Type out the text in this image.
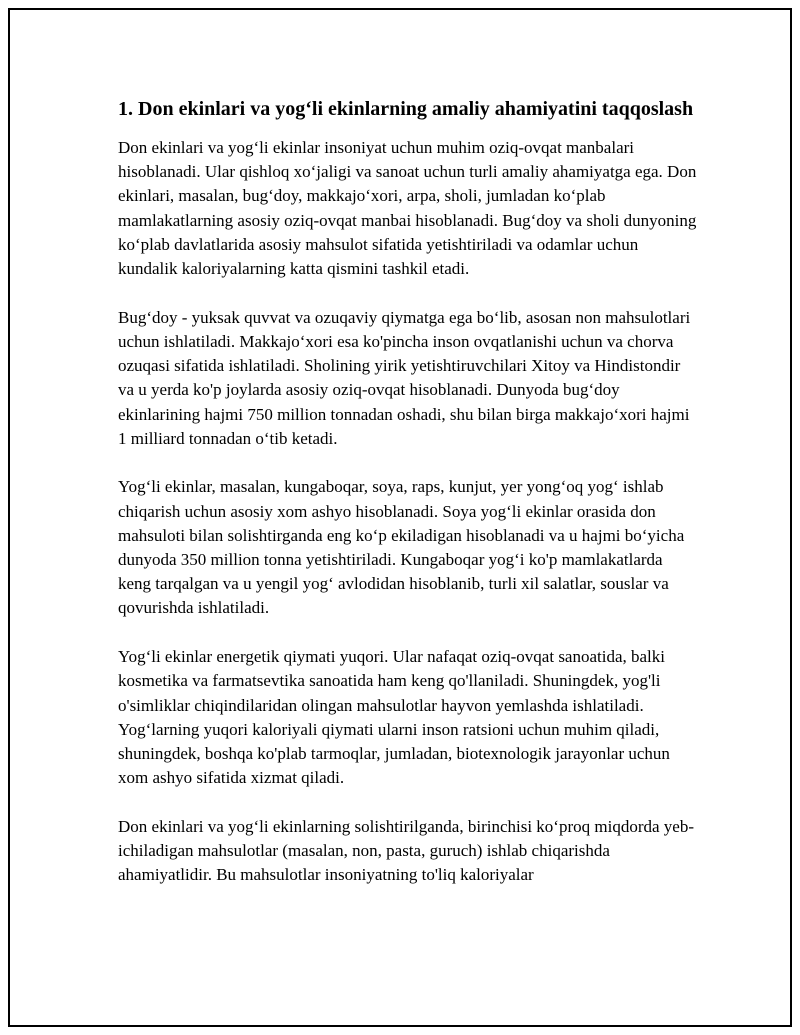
1. Don ekinlari va yog‘li ekinlarning amaliy ahamiyatini taqqoslash

Don ekinlari va yog‘li ekinlar insoniyat uchun muhim oziq-ovqat manbalari hisoblanadi. Ular qishloq xo‘jaligi va sanoat uchun turli amaliy ahamiyatga ega. Don ekinlari, masalan, bug‘doy, makkajo‘xori, arpa, sholi, jumladan ko‘plab mamlakatlarning asosiy oziq-ovqat manbai hisoblanadi. Bug‘doy va sholi dunyoning ko‘plab davlatlarida asosiy mahsulot sifatida yetishtiriladi va odamlar uchun kundalik kaloriyalarning katta qismini tashkil etadi.

Bug‘doy - yuksak quvvat va ozuqaviy qiymatga ega bo‘lib, asosan non mahsulotlari uchun ishlatiladi. Makkajo‘xori esa ko'pincha inson ovqatlanishi uchun va chorva ozuqasi sifatida ishlatiladi. Sholining yirik yetishtiruvchilari Xitoy va Hindistondir va u yerda ko'p joylarda asosiy oziq-ovqat hisoblanadi. Dunyoda bug‘doy ekinlarining hajmi 750 million tonnadan oshadi, shu bilan birga makkajo‘xori hajmi 1 milliard tonnadan o‘tib ketadi.

Yog‘li ekinlar, masalan, kungaboqar, soya, raps, kunjut, yer yong‘oq yog‘ ishlab chiqarish uchun asosiy xom ashyo hisoblanadi. Soya yog‘li ekinlar orasida don mahsuloti bilan solishtirganda eng ko‘p ekiladigan hisoblanadi va u hajmi bo‘yicha dunyoda 350 million tonna yetishtiriladi. Kungaboqar yog‘i ko'p mamlakatlarda keng tarqalgan va u yengil yog‘ avlodidan hisoblanib, turli xil salatlar, souslar va qovurishda ishlatiladi.

Yog‘li ekinlar energetik qiymati yuqori. Ular nafaqat oziq-ovqat sanoatida, balki kosmetika va farmatsevtika sanoatida ham keng qo'llaniladi. Shuningdek, yog'li o'simliklar chiqindilaridan olingan mahsulotlar hayvon yemlashda ishlatiladi. Yog‘larning yuqori kaloriyali qiymati ularni inson ratsioni uchun muhim qiladi, shuningdek, boshqa ko'plab tarmoqlar, jumladan, biotexnologik jarayonlar uchun xom ashyo sifatida xizmat qiladi.

Don ekinlari va yog‘li ekinlarning solishtirilganda, birinchisi ko‘proq miqdorda yeb-ichiladigan mahsulotlar (masalan, non, pasta, guruch) ishlab chiqarishda ahamiyatlidir. Bu mahsulotlar insoniyatning to'liq kaloriyalar
